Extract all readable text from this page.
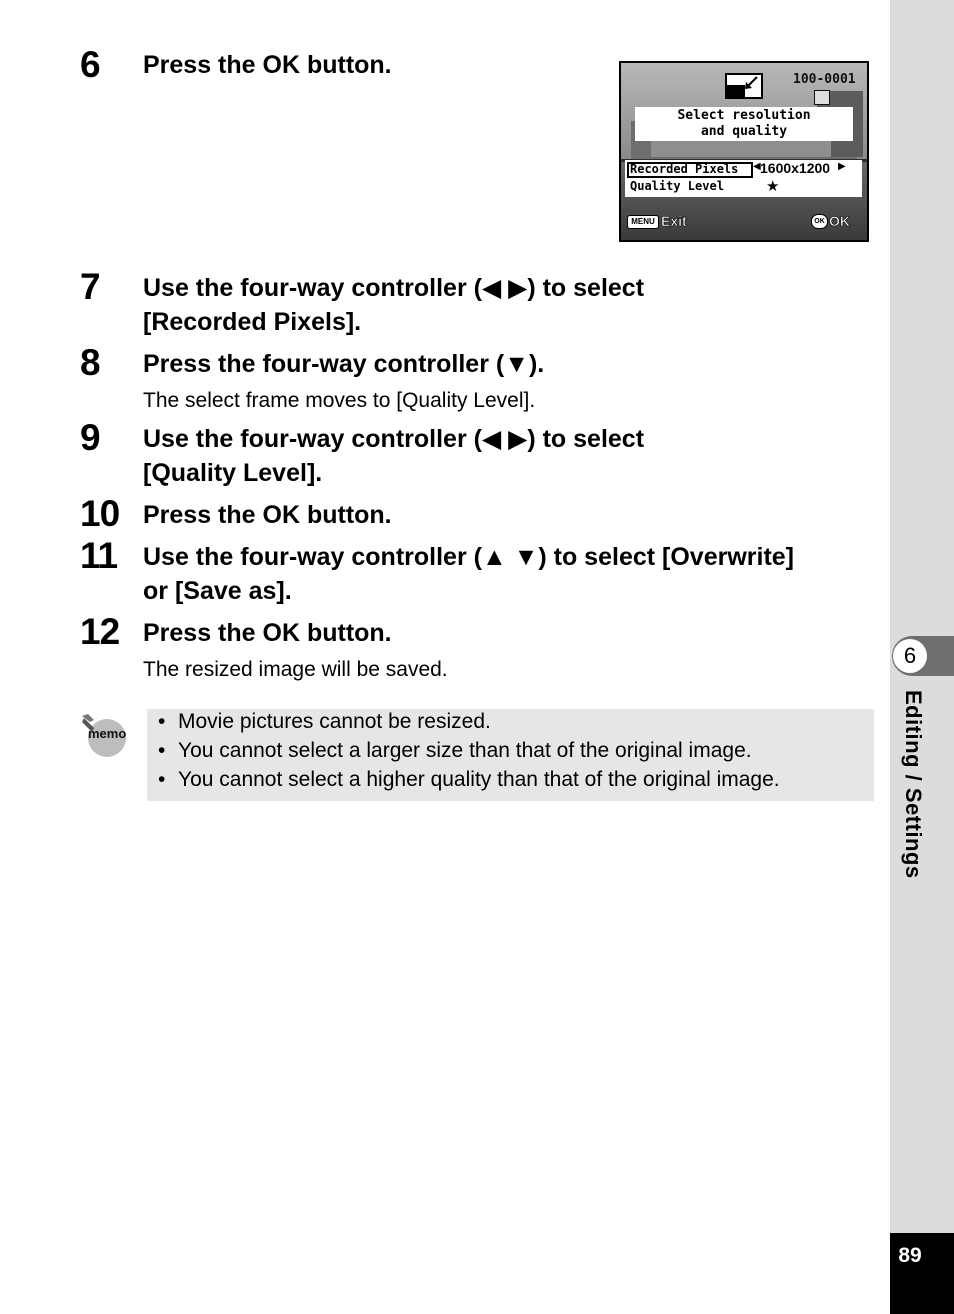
6 Press the OK button.
7 Use the four-way controller (◀ ▶) to select
[Recorded Pixels].
8 Press the four-way controller (▼).
The select frame moves to [Quality Level].
9 Use the four-way controller (◀ ▶) to select
[Quality Level].
10 Press the OK button.
11 Use the four-way controller (▲ ▼) to select [Overwrite]
or [Save as].
12 Press the OK button.
The resized image will be saved.
100-0001
Select resolution
and quality
Recorded Pixels ◀ 1600x1200 ▶
Quality Level	★
MENU Exit	OK OK
memo
• Movie pictures cannot be resized.
• You cannot select a larger size than that of the original image.
• You cannot select a higher quality than that of the original image.
6
Editing / Settings
89
